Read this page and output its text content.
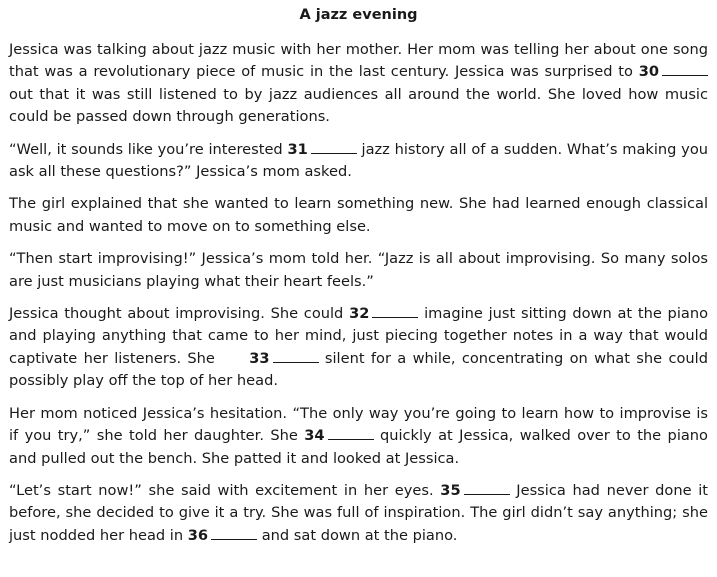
A jazz evening

Jessica was talking about jazz music with her mother. Her mom was telling her about one song that was a revolutionary piece of music in the last century. Jessica was surprised to 30 out that it was still listened to by jazz audiences all around the world. She loved how music could be passed down through generations.

“Well, it sounds like you’re interested 31	jazz history all of a sudden. What’s making you ask all these questions?” Jessica’s mom asked.

The girl explained that she wanted to learn something new. She had learned enough classical music and wanted to move on to something else.

“Then start improvising!” Jessica’s mom told her. “Jazz is all about improvising. So many solos are just musicians playing what their heart feels.”

Jessica thought about improvising. She could 32	imagine just sitting down at the piano and playing anything that came to her mind, just piecing together notes in a way that would captivate her listeners. She 33	silent for a while, concentrating on what she could possibly play off the top of her head.

Her mom noticed Jessica’s hesitation. “The only way you’re going to learn how to improvise is if you try,” she told her daughter. She 34	quickly at Jessica, walked over to the piano and pulled out the bench. She patted it and looked at Jessica.

“Let’s start now!” she said with excitement in her eyes. 35	Jessica had never done it before, she decided to give it a try. She was full of inspiration. The girl didn’t say anything; she just nodded her head in 36	and sat down at the piano.
